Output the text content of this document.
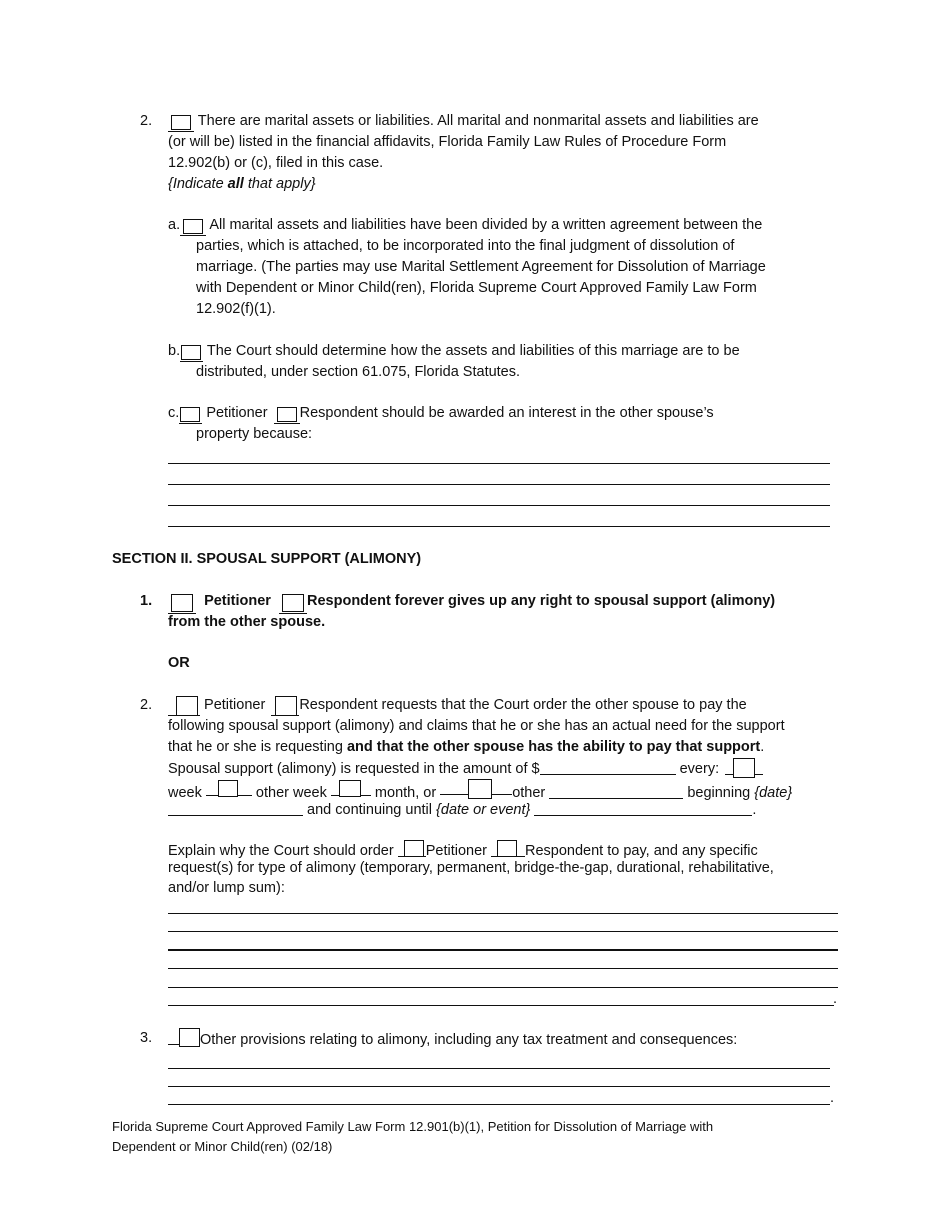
2.	There are marital assets or liabilities. All marital and nonmarital assets and liabilities are
(or will be) listed in the financial affidavits, Florida Family Law Rules of Procedure Form
12.902(b) or (c), filed in this case.
{Indicate all that apply}
a. All marital assets and liabilities have been divided by a written agreement between the
parties, which is attached, to be incorporated into the final judgment of dissolution of
marriage. (The parties may use Marital Settlement Agreement for Dissolution of Marriage
with Dependent or Minor Child(ren), Florida Supreme Court Approved Family Law Form
12.902(f)(1).
b. The Court should determine how the assets and liabilities of this marriage are to be
distributed, under section 61.075, Florida Statutes.
c. Petitioner Respondent should be awarded an interest in the other spouse’s
property because:
SECTION II. SPOUSAL SUPPORT (ALIMONY)
1.	Petitioner Respondent forever gives up any right to spousal support (alimony)
from the other spouse.
OR
2.	Petitioner Respondent requests that the Court order the other spouse to pay the
following spousal support (alimony) and claims that he or she has an actual need for the support
that he or she is requesting and that the other spouse has the ability to pay that support.
Spousal support (alimony) is requested in the amount of $	every:
week	other week	month, or	other	beginning {date}
and continuing until {date or event}	.
Explain why the Court should order Petitioner	Respondent to pay, and any specific
request(s) for type of alimony (temporary, permanent, bridge-the-gap, durational, rehabilitative,
and/or lump sum):
.
3.	Other provisions relating to alimony, including any tax treatment and consequences:
.
Florida Supreme Court Approved Family Law Form 12.901(b)(1), Petition for Dissolution of Marriage with
Dependent or Minor Child(ren) (02/18)
